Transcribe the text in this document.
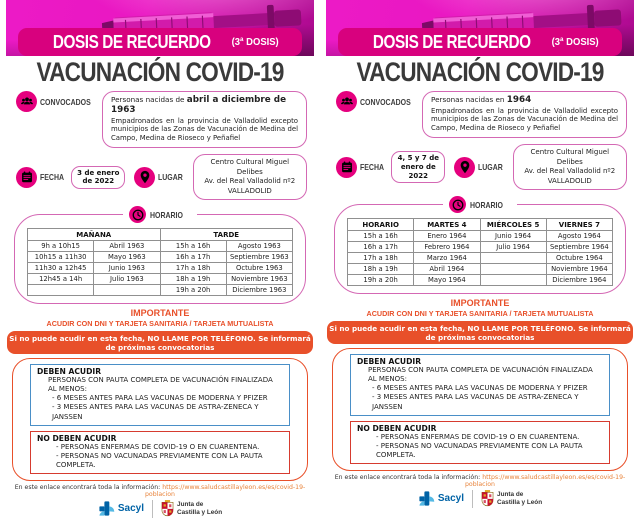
DOSIS DE RECUERDO (3ª DOSIS)
VACUNACIÓN COVID-19
CONVOCADOS	Personas nacidas de abril a diciembre de 1963
Empadronados en la provincia de Valladolid excepto municipios de las Zonas de Vacunación de Medina del Campo, Medina de Rioseco y Peñafiel
FECHA	3 de enero de 2022	LUGAR
Centro Cultural Miguel Delibes
Av. del Real Valladolid nº2
VALLADOLID
HORARIO
MAÑANA		TARDE	
9h a 10h15	Abril 1963	15h a 16h	Agosto 1963
10h15 a 11h30	Mayo 1963	16h a 17h	Septiembre 1963
11h30 a 12h45	Junio 1963	17h a 18h	Octubre 1963
12h45 a 14h	Julio 1963	18h a 19h	Noviembre 1963
		19h a 20h	Diciembre 1963
IMPORTANTE
ACUDIR CON DNI Y TARJETA SANITARIA / TARJETA MUTUALISTA
Si no puede acudir en esta fecha, NO LLAME POR TELÉFONO. Se informará de próximas convocatorias
DEBEN ACUDIR
PERSONAS CON PAUTA COMPLETA DE VACUNACIÓN FINALIZADA AL MENOS:
- 6 MESES ANTES PARA LAS VACUNAS DE MODERNA Y PFIZER
- 3 MESES ANTES PARA LAS VACUNAS DE ASTRA-ZENECA Y JANSSEN
NO DEBEN ACUDIR
- PERSONAS ENFERMAS DE COVID-19 O EN CUARENTENA.
- PERSONAS NO VACUNADAS PREVIAMENTE CON LA PAUTA COMPLETA.
En este enlace encontrará toda la información: https://www.saludcastillayleon.es/es/covid-19-poblacion
Sacyl	Junta de
Castilla y León
DOSIS DE RECUERDO (3ª DOSIS)
VACUNACIÓN COVID-19
CONVOCADOS	Personas nacidas en 1964
Empadronados en la provincia de Valladolid excepto municipios de las Zonas de Vacunación de Medina del Campo, Medina de Rioseco y Peñafiel
FECHA
4, 5 y 7 de enero de 2022
LUGAR
Centro Cultural Miguel Delibes
Av. del Real Valladolid nº2
VALLADOLID
HORARIO
HORARIO	MARTES 4	MIÉRCOLES 5	VIERNES 7
15h a 16h	Enero 1964	Junio 1964	Agosto 1964
16h a 17h	Febrero 1964	Julio 1964	Septiembre 1964
17h a 18h	Marzo 1964		Octubre 1964
18h a 19h	Abril 1964		Noviembre 1964
19h a 20h	Mayo 1964		Diciembre 1964
IMPORTANTE
ACUDIR CON DNI Y TARJETA SANITARIA / TARJETA MUTUALISTA
Si no puede acudir en esta fecha, NO LLAME POR TELÉFONO. Se informará de próximas convocatorias
DEBEN ACUDIR
PERSONAS CON PAUTA COMPLETA DE VACUNACIÓN FINALIZADA AL MENOS:
- 6 MESES ANTES PARA LAS VACUNAS DE MODERNA Y PFIZER
- 3 MESES ANTES PARA LAS VACUNAS DE ASTRA-ZENECA Y JANSSEN
NO DEBEN ACUDIR
- PERSONAS ENFERMAS DE COVID-19 O EN CUARENTENA.
- PERSONAS NO VACUNADAS PREVIAMENTE CON LA PAUTA COMPLETA.
En este enlace encontrará toda la información: https://www.saludcastillayleon.es/es/covid-19-poblacion
Sacyl	Junta de
Castilla y León
